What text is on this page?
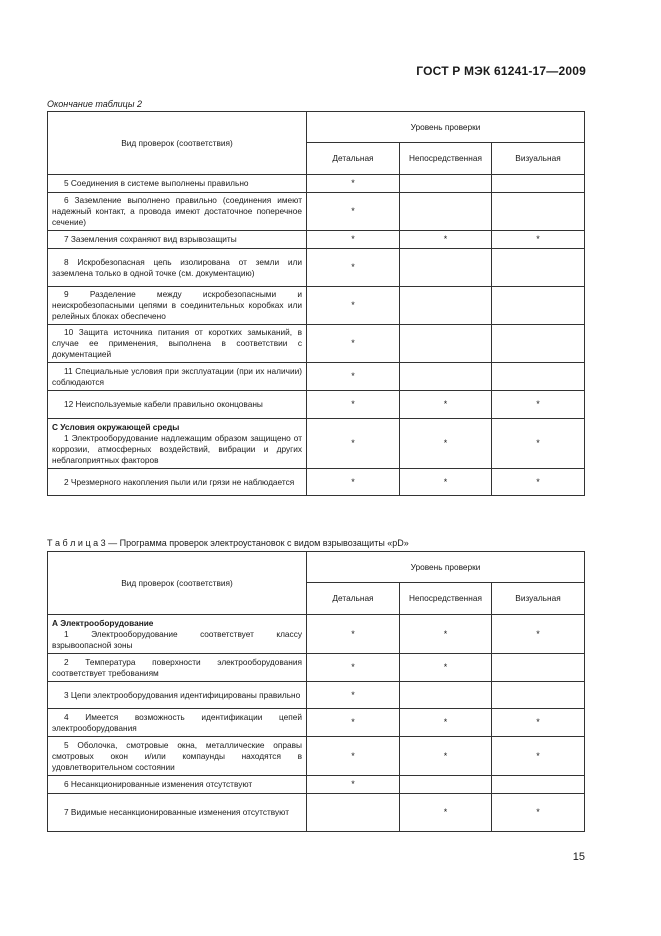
ГОСТ Р МЭК 61241-17—2009
Окончание таблицы 2
Вид проверок (соответствия)	Уровень проверки		
	Детальная	Непосредственная	Визуальная
5 Соединения в системе выполнены правильно	*		
6 Заземление выполнено правильно (соединения имеют надежный контакт, а провода имеют достаточное поперечное сечение)	*		
7 Заземления сохраняют вид взрывозащиты	*	*	*
8 Искробезопасная цепь изолирована от земли или заземлена только в одной точке (см. документацию)	*		
9 Разделение между искробезопасными и неискробезопасными цепями в соединительных коробках или релейных блоках обеспечено	*		
10 Защита источника питания от коротких замыканий, в случае ее применения, выполнена в соответствии с документацией	*		
11 Специальные условия при эксплуатации (при их наличии) соблюдаются	*		
12 Неиспользуемые кабели правильно оконцованы	*	*	*

С Условия окружающей среды
1 Электрооборудование надлежащим образом защищено от коррозии, атмосферных воздействий, вибрации и других неблагоприятных факторов	*	*	*
2 Чрезмерного накопления пыли или грязи не наблюдается	*	*	*
Т а б л и ц а 3 — Программа проверок электроустановок с видом взрывозащиты «pD»
Вид проверок (соответствия)	Уровень проверки		
	Детальная	Непосредственная	Визуальная

А Электрооборудование
1 Электрооборудование соответствует классу взрывоопасной зоны	*	*	*
2 Температура поверхности электрооборудования соответствует требованиям	*	*	
3 Цепи электрооборудования идентифицированы правильно	*		
4 Имеется возможность идентификации цепей электрооборудования	*	*	*
5 Оболочка, смотровые окна, металлические оправы смотровых окон и/или компаунды находятся в удовлетворительном состоянии	*	*	*
6 Несанкционированные изменения отсутствуют	*		
7 Видимые несанкционированные изменения отсутствуют		*	*
15
